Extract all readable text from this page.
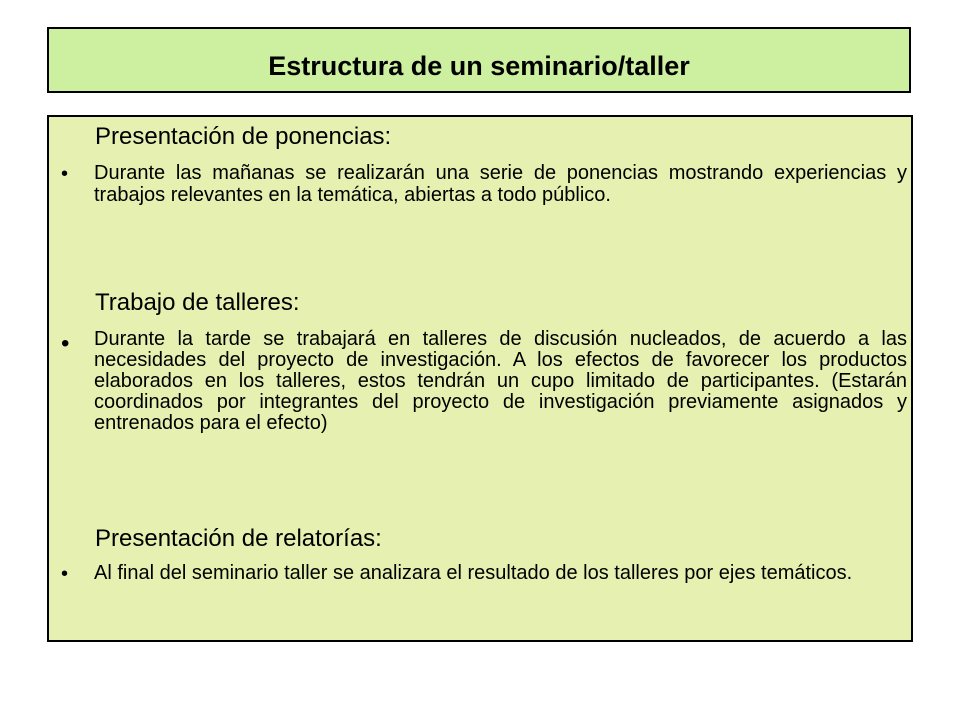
Estructura de un seminario/taller
Presentación de ponencias:
• Durante las mañanas se realizarán una serie de ponencias mostrando experiencias y trabajos relevantes en la temática, abiertas a todo público.
Trabajo de talleres:
• Durante la tarde se trabajará en talleres de discusión nucleados, de acuerdo a las necesidades del proyecto de investigación. A los efectos de favorecer los productos elaborados en los talleres, estos tendrán un cupo limitado de participantes. (Estarán coordinados por integrantes del proyecto de investigación previamente asignados y entrenados para el efecto)
Presentación de relatorías:
• Al final del seminario taller se analizara el resultado de los talleres por ejes temáticos.
